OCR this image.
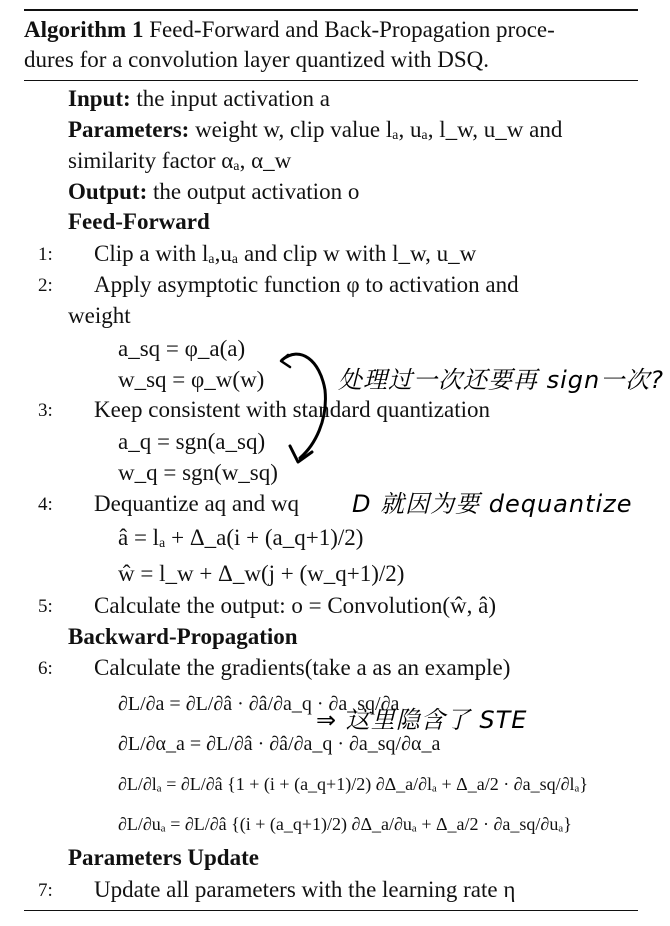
Algorithm 1 Feed-Forward and Back-Propagation proce-
dures for a convolution layer quantized with DSQ.
Input: the input activation a
Parameters: weight w, clip value lₐ, uₐ, l_w, u_w and
similarity factor αₐ, α_w
Output: the output activation o
Feed-Forward
1: Clip a with lₐ,uₐ and clip w with l_w, u_w
2: Apply asymptotic function φ to activation and
weight
a_sq = φ_a(a)
w_sq = φ_w(w)
3: Keep consistent with standard quantization
a_q = sgn(a_sq)
w_q = sgn(w_sq)
4: Dequantize aq and wq
â = lₐ + Δ_a(i + (a_q+1)/2)
ŵ = l_w + Δ_w(j + (w_q+1)/2)
5: Calculate the output: o = Convolution(ŵ, â)
Backward-Propagation
6: Calculate the gradients(take a as an example)
∂L/∂a = ∂L/∂â · ∂â/∂a_q · ∂a_sq/∂a
∂L/∂α_a = ∂L/∂â · ∂â/∂a_q · ∂a_sq/∂α_a
∂L/∂lₐ = ∂L/∂â {1 + (i + (a_q+1)/2) ∂Δ_a/∂lₐ + Δ_a/2 · ∂a_sq/∂lₐ}
∂L/∂uₐ = ∂L/∂â {(i + (a_q+1)/2) ∂Δ_a/∂uₐ + Δ_a/2 · ∂a_sq/∂uₐ}
Parameters Update
7: Update all parameters with the learning rate η
处理过一次还要再 sign一次?
D 就因为要 dequantize
⇒ 这里隐含了 STE
